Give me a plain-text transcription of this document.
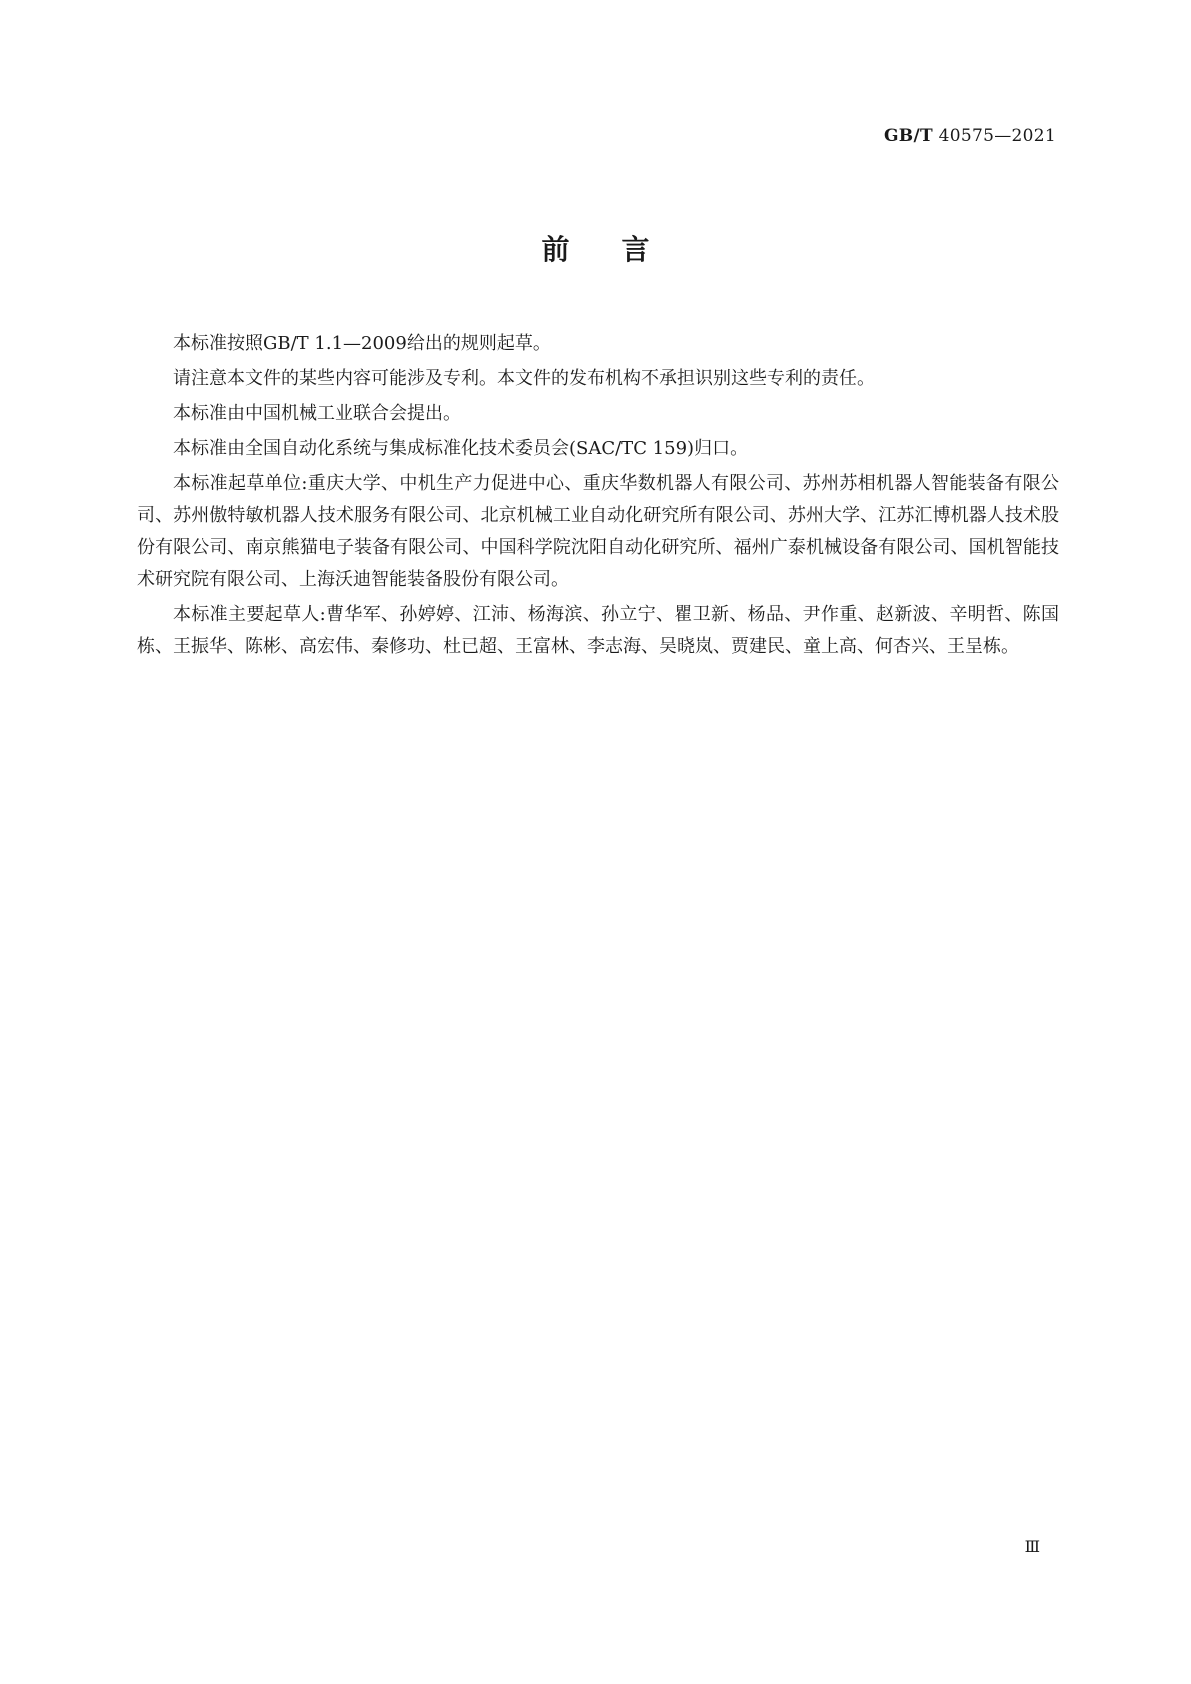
GB/T 40575—2021
前 言

本标准按照GB/T 1.1—2009给出的规则起草。

请注意本文件的某些内容可能涉及专利。本文件的发布机构不承担识别这些专利的责任。

本标准由中国机械工业联合会提出。

本标准由全国自动化系统与集成标准化技术委员会(SAC/TC 159)归口。

本标准起草单位:重庆大学、中机生产力促进中心、重庆华数机器人有限公司、苏州苏相机器人智能装备有限公司、苏州傲特敏机器人技术服务有限公司、北京机械工业自动化研究所有限公司、苏州大学、江苏汇博机器人技术股份有限公司、南京熊猫电子装备有限公司、中国科学院沈阳自动化研究所、福州广泰机械设备有限公司、国机智能技术研究院有限公司、上海沃迪智能装备股份有限公司。

本标准主要起草人:曹华军、孙婷婷、江沛、杨海滨、孙立宁、瞿卫新、杨品、尹作重、赵新波、辛明哲、陈国栋、王振华、陈彬、高宏伟、秦修功、杜已超、王富林、李志海、吴晓岚、贾建民、童上高、何杏兴、王呈栋。

Ⅲ
